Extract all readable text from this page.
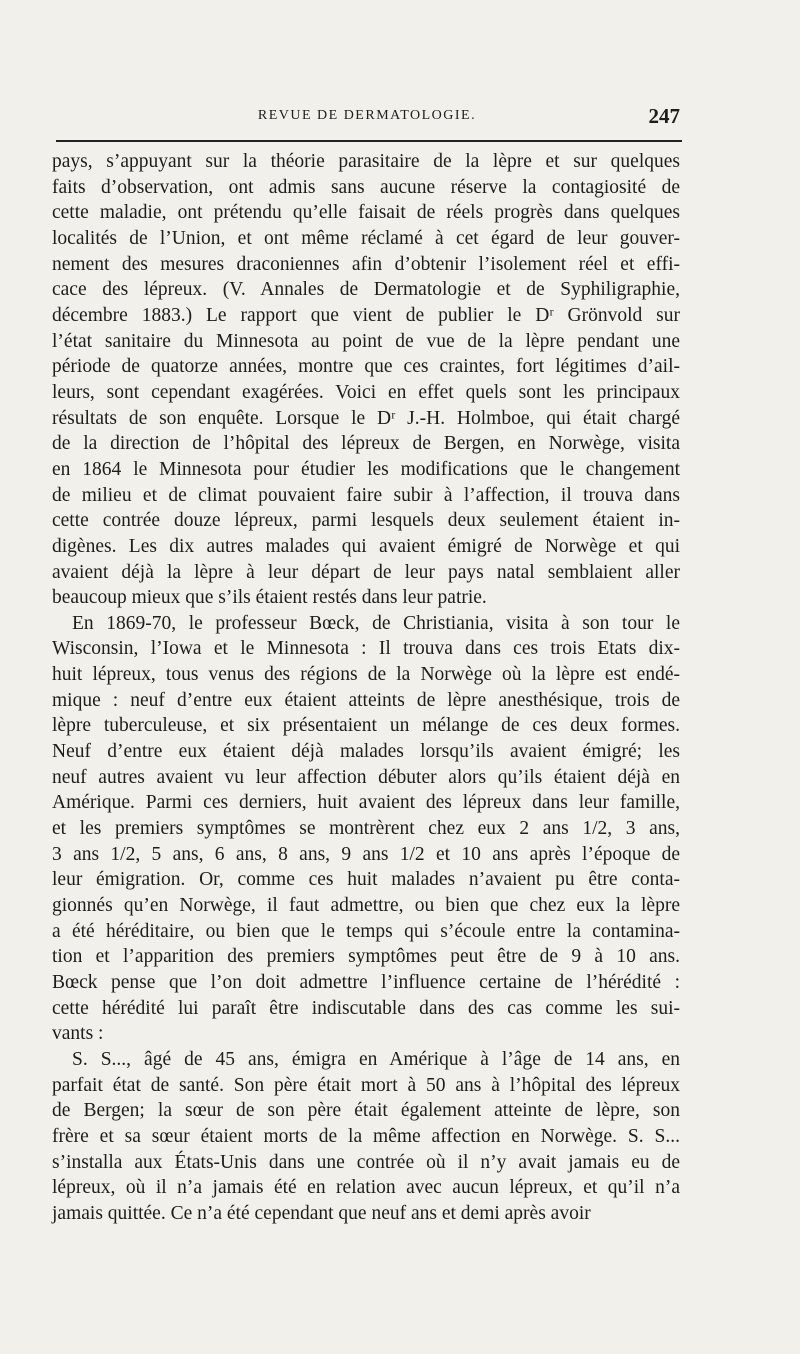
REVUE DE DERMATOLOGIE.	247
pays, s’appuyant sur la théorie parasitaire de la lèpre et sur quelques
faits d’observation, ont admis sans aucune réserve la contagiosité de
cette maladie, ont prétendu qu’elle faisait de réels progrès dans quelques
localités de l’Union, et ont même réclamé à cet égard de leur gouver-
nement des mesures draconiennes afin d’obtenir l’isolement réel et effi-
cace des lépreux. (V. Annales de Dermatologie et de Syphiligraphie,
décembre 1883.) Le rapport que vient de publier le Dʳ Grönvold sur
l’état sanitaire du Minnesota au point de vue de la lèpre pendant une
période de quatorze années, montre que ces craintes, fort légitimes d’ail-
leurs, sont cependant exagérées. Voici en effet quels sont les principaux
résultats de son enquête. Lorsque le Dʳ J.-H. Holmboe, qui était chargé
de la direction de l’hôpital des lépreux de Bergen, en Norwège, visita
en 1864 le Minnesota pour étudier les modifications que le changement
de milieu et de climat pouvaient faire subir à l’affection, il trouva dans
cette contrée douze lépreux, parmi lesquels deux seulement étaient in-
digènes. Les dix autres malades qui avaient émigré de Norwège et qui
avaient déjà la lèpre à leur départ de leur pays natal semblaient aller
beaucoup mieux que s’ils étaient restés dans leur patrie.
En 1869-70, le professeur Bœck, de Christiania, visita à son tour le
Wisconsin, l’Iowa et le Minnesota : Il trouva dans ces trois Etats dix-
huit lépreux, tous venus des régions de la Norwège où la lèpre est endé-
mique : neuf d’entre eux étaient atteints de lèpre anesthésique, trois de
lèpre tuberculeuse, et six présentaient un mélange de ces deux formes.
Neuf d’entre eux étaient déjà malades lorsqu’ils avaient émigré; les
neuf autres avaient vu leur affection débuter alors qu’ils étaient déjà en
Amérique. Parmi ces derniers, huit avaient des lépreux dans leur famille,
et les premiers symptômes se montrèrent chez eux 2 ans 1/2, 3 ans,
3 ans 1/2, 5 ans, 6 ans, 8 ans, 9 ans 1/2 et 10 ans après l’époque de
leur émigration. Or, comme ces huit malades n’avaient pu être conta-
gionnés qu’en Norwège, il faut admettre, ou bien que chez eux la lèpre
a été héréditaire, ou bien que le temps qui s’écoule entre la contamina-
tion et l’apparition des premiers symptômes peut être de 9 à 10 ans.
Bœck pense que l’on doit admettre l’influence certaine de l’hérédité :
cette hérédité lui paraît être indiscutable dans des cas comme les sui-
vants :
S. S..., âgé de 45 ans, émigra en Amérique à l’âge de 14 ans, en
parfait état de santé. Son père était mort à 50 ans à l’hôpital des lépreux
de Bergen; la sœur de son père était également atteinte de lèpre, son
frère et sa sœur étaient morts de la même affection en Norwège. S. S...
s’installa aux États-Unis dans une contrée où il n’y avait jamais eu de
lépreux, où il n’a jamais été en relation avec aucun lépreux, et qu’il n’a
jamais quittée. Ce n’a été cependant que neuf ans et demi après avoir
